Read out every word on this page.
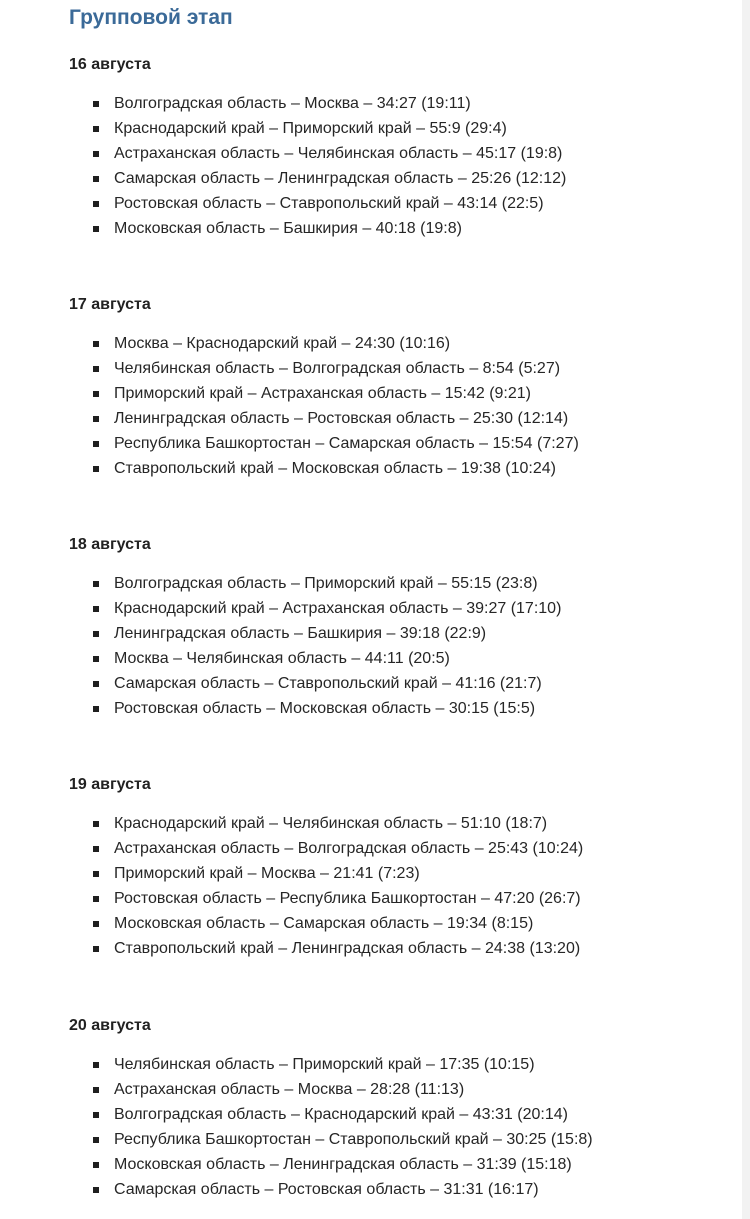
Групповой этап
16 августа
Волгоградская область – Москва – 34:27 (19:11)
Краснодарский край – Приморский край – 55:9 (29:4)
Астраханская область – Челябинская область – 45:17 (19:8)
Самарская область – Ленинградская область – 25:26 (12:12)
Ростовская область – Ставропольский край – 43:14 (22:5)
Московская область – Башкирия – 40:18 (19:8)
17 августа
Москва – Краснодарский край – 24:30 (10:16)
Челябинская область – Волгоградская область – 8:54 (5:27)
Приморский край – Астраханская область – 15:42 (9:21)
Ленинградская область – Ростовская область – 25:30 (12:14)
Республика Башкортостан – Самарская область – 15:54 (7:27)
Ставропольский край – Московская область – 19:38 (10:24)
18 августа
Волгоградская область – Приморский край – 55:15 (23:8)
Краснодарский край – Астраханская область – 39:27 (17:10)
Ленинградская область – Башкирия – 39:18 (22:9)
Москва – Челябинская область – 44:11 (20:5)
Самарская область – Ставропольский край – 41:16 (21:7)
Ростовская область – Московская область – 30:15 (15:5)
19 августа
Краснодарский край – Челябинская область – 51:10 (18:7)
Астраханская область – Волгоградская область – 25:43 (10:24)
Приморский край – Москва – 21:41 (7:23)
Ростовская область – Республика Башкортостан – 47:20 (26:7)
Московская область – Самарская область – 19:34 (8:15)
Ставропольский край – Ленинградская область – 24:38 (13:20)
20 августа
Челябинская область – Приморский край – 17:35 (10:15)
Астраханская область – Москва – 28:28 (11:13)
Волгоградская область – Краснодарский край – 43:31 (20:14)
Республика Башкортостан – Ставропольский край – 30:25 (15:8)
Московская область – Ленинградская область – 31:39 (15:18)
Самарская область – Ростовская область – 31:31 (16:17)
